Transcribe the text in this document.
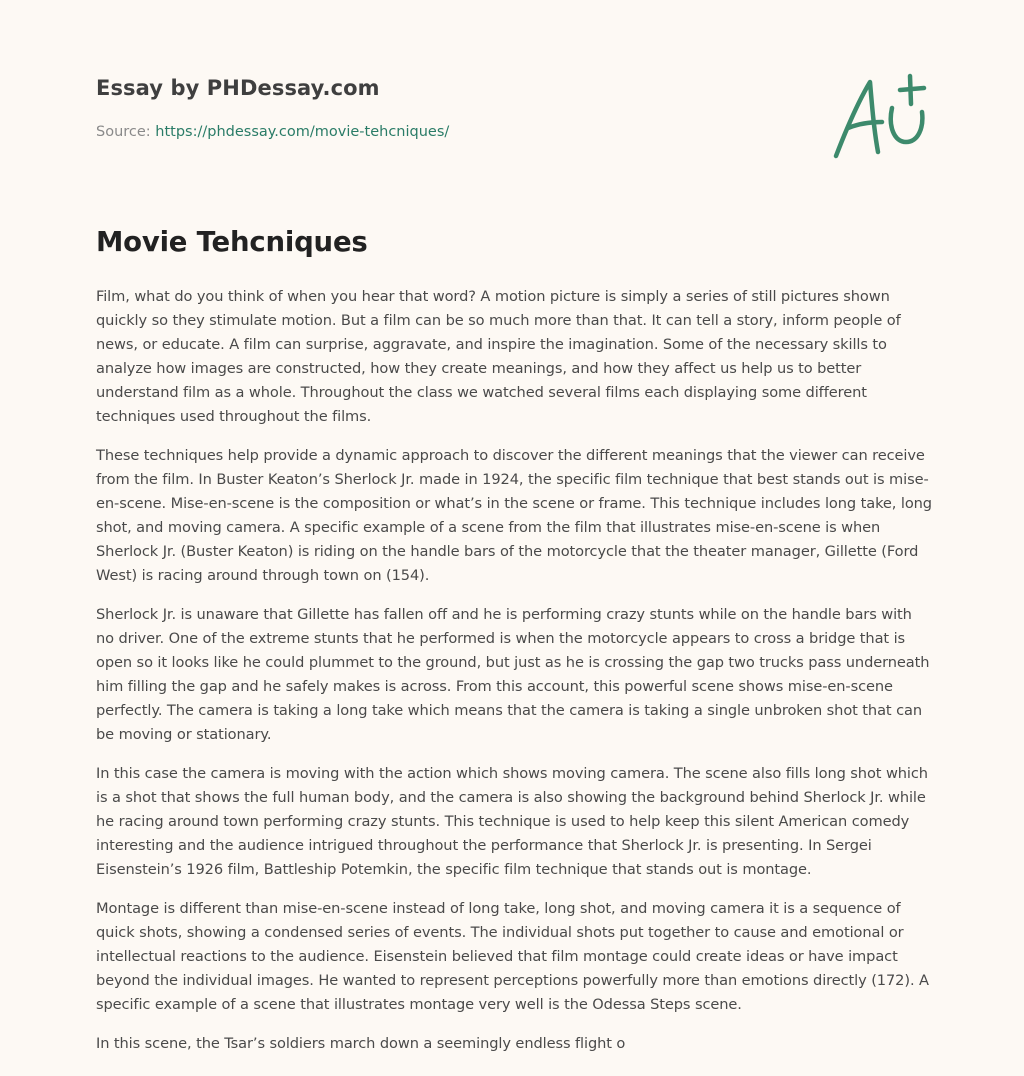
Essay by PHDessay.com
Source: https://phdessay.com/movie-tehcniques/
Movie Tehcniques

Film, what do you think of when you hear that word? A motion picture is simply a series of still pictures shown quickly so they stimulate motion. But a film can be so much more than that. It can tell a story, inform people of news, or educate. A film can surprise, aggravate, and inspire the imagination. Some of the necessary skills to analyze how images are constructed, how they create meanings, and how they affect us help us to better understand film as a whole. Throughout the class we watched several films each displaying some different techniques used throughout the films.

These techniques help provide a dynamic approach to discover the different meanings that the viewer can receive from the film. In Buster Keaton’s Sherlock Jr. made in 1924, the specific film technique that best stands out is mise-en-scene. Mise-en-scene is the composition or what’s in the scene or frame. This technique includes long take, long shot, and moving camera. A specific example of a scene from the film that illustrates mise-en-scene is when Sherlock Jr. (Buster Keaton) is riding on the handle bars of the motorcycle that the theater manager, Gillette (Ford West) is racing around through town on (154).

Sherlock Jr. is unaware that Gillette has fallen off and he is performing crazy stunts while on the handle bars with no driver. One of the extreme stunts that he performed is when the motorcycle appears to cross a bridge that is open so it looks like he could plummet to the ground, but just as he is crossing the gap two trucks pass underneath him filling the gap and he safely makes is across. From this account, this powerful scene shows mise-en-scene perfectly. The camera is taking a long take which means that the camera is taking a single unbroken shot that can be moving or stationary.

In this case the camera is moving with the action which shows moving camera. The scene also fills long shot which is a shot that shows the full human body, and the camera is also showing the background behind Sherlock Jr. while he racing around town performing crazy stunts. This technique is used to help keep this silent American comedy interesting and the audience intrigued throughout the performance that Sherlock Jr. is presenting. In Sergei Eisenstein’s 1926 film, Battleship Potemkin, the specific film technique that stands out is montage.

Montage is different than mise-en-scene instead of long take, long shot, and moving camera it is a sequence of quick shots, showing a condensed series of events. The individual shots put together to cause and emotional or intellectual reactions to the audience. Eisenstein believed that film montage could create ideas or have impact beyond the individual images. He wanted to represent perceptions powerfully more than emotions directly (172). A specific example of a scene that illustrates montage very well is the Odessa Steps scene.

In this scene, the Tsar’s soldiers march down a seemingly endless flight o
